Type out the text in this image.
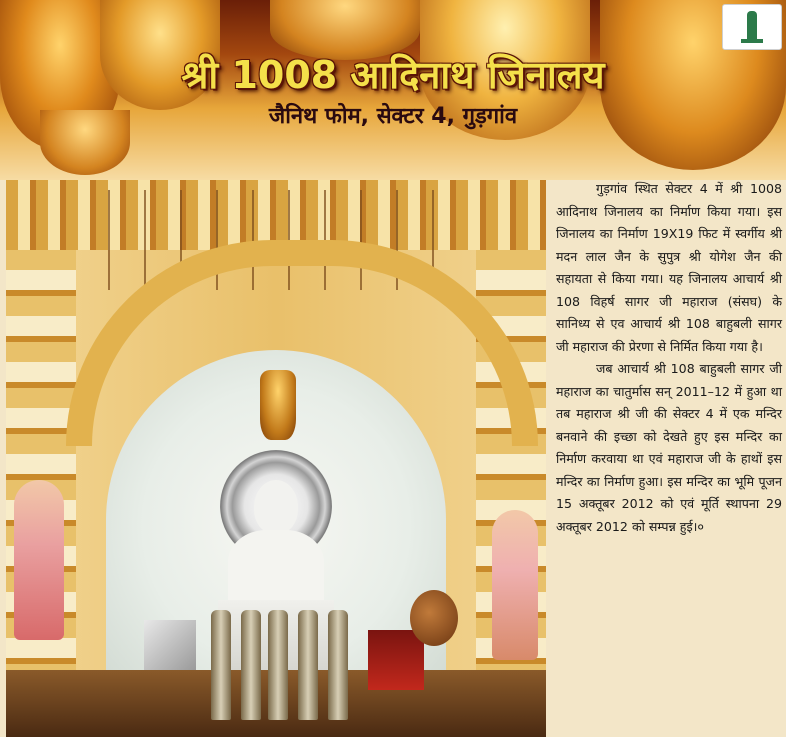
श्री 1008 आदिनाथ जिनालय
जैनिथ फोम, सेक्टर 4, गुड़गांव

गुड़गांव स्थित सेक्टर 4 में श्री 1008 आदिनाथ जिनालय का निर्माण किया गया। इस जिनालय का निर्माण 19X19 फिट में स्वर्गीय श्री मदन लाल जैन के सुपुत्र श्री योगेश जैन की सहायता से किया गया। यह जिनालय आचार्य श्री 108 विहर्ष सागर जी महाराज (संसघ) के सानिध्य से एव आचार्य श्री 108 बाहुबली सागर जी महाराज की प्रेरणा से निर्मित किया गया है।

जब आचार्य श्री 108 बाहुबली सागर जी महाराज का चातुर्मास सन् 2011–12 में हुआ था तब महाराज श्री जी की सेक्टर 4 में एक मन्दिर बनवाने की इच्छा को देखते हुए इस मन्दिर का निर्माण करवाया था एवं महाराज जी के हाथों इस मन्दिर का निर्माण हुआ। इस मन्दिर का भूमि पूजन 15 अक्तूबर 2012 को एवं मूर्ति स्थापना 29 अक्तूबर 2012 को सम्पन्न हुई।०
